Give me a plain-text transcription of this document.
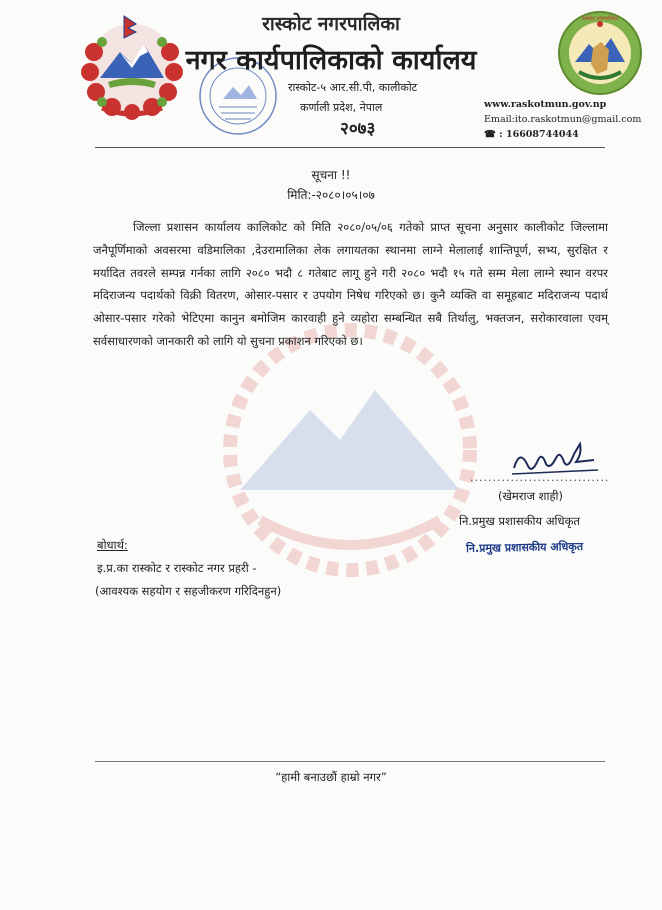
रास्कोट नगरपालिका
रास्कोट नगरपालिका
नगर कार्यपालिकाको कार्यालय
रास्कोट-५ आर.सी.पी, कालीकोट
कर्णाली प्रदेश, नेपाल
२०७३
www.raskotmun.gov.np
Email:ito.raskotmun@gmail.com
☎ : 16608744044
सूचना !!
मिति:-२०८०।०५।०७
जिल्ला प्रशासन कार्यालय कालिकोट को मिति २०८०/०५/०६ गतेको प्राप्त सूचना अनुसार कालीकोट जिल्लामा जनैपूर्णिमाको अवसरमा वडिमालिका ,देउरामालिका लेक लगायतका स्थानमा लाग्ने मेलालाई शान्तिपूर्ण, सभ्य, सुरक्षित र मर्यादित तवरले सम्पन्न गर्नका लागि २०८० भदौ ८ गतेबाट लागू हुने गरी २०८० भदौ १५ गते सम्म मेला लाग्ने स्थान वरपर मदिराजन्य पदार्थको विक्री वितरण, ओसार-पसार र उपयोग निषेध गरिएको छ। कुनै व्यक्ति वा समूहबाट मदिराजन्य पदार्थ ओसार-पसार गरेको भेटिएमा कानुन बमोजिम कारवाही हुने व्यहोरा सम्बन्धित सबै तिर्थालु, भक्तजन, सरोकारवाला एवम् सर्वसाधारणको जानकारी को लागि यो सुचना प्रकाशन गरिएको छ।
...............................
(खेमराज शाही)
नि.प्रमुख प्रशासकीय अधिकृत
नि.प्रमुख प्रशासकीय अधिकृत
बोधार्थ:
इ.प्र.का रास्कोट र रास्कोट नगर प्रहरी -
(आवश्यक सहयोग र सहजीकरण गरिदिनहुन)
“हामी बनाउछौं हाम्रो नगर”
